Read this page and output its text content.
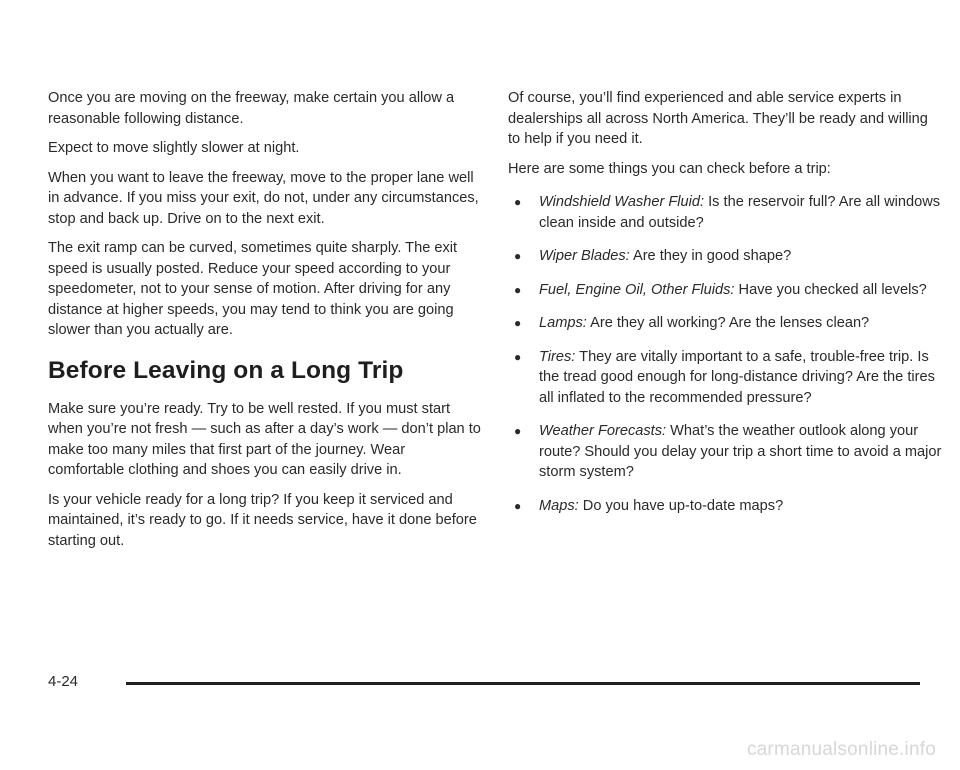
Once you are moving on the freeway, make certain you allow a reasonable following distance.

Expect to move slightly slower at night.

When you want to leave the freeway, move to the proper lane well in advance. If you miss your exit, do not, under any circumstances, stop and back up. Drive on to the next exit.

The exit ramp can be curved, sometimes quite sharply. The exit speed is usually posted. Reduce your speed according to your speedometer, not to your sense of motion. After driving for any distance at higher speeds, you may tend to think you are going slower than you actually are.

Before Leaving on a Long Trip

Make sure you’re ready. Try to be well rested. If you must start when you’re not fresh — such as after a day’s work — don’t plan to make too many miles that first part of the journey. Wear comfortable clothing and shoes you can easily drive in.

Is your vehicle ready for a long trip? If you keep it serviced and maintained, it’s ready to go. If it needs service, have it done before starting out.

Of course, you’ll find experienced and able service experts in dealerships all across North America. They’ll be ready and willing to help if you need it.

Here are some things you can check before a trip:

● Windshield Washer Fluid: Is the reservoir full? Are all windows clean inside and outside?
● Wiper Blades: Are they in good shape?
● Fuel, Engine Oil, Other Fluids: Have you checked all levels?
● Lamps: Are they all working? Are the lenses clean?
● Tires: They are vitally important to a safe, trouble-free trip. Is the tread good enough for long-distance driving? Are the tires all inflated to the recommended pressure?
● Weather Forecasts: What’s the weather outlook along your route? Should you delay your trip a short time to avoid a major storm system?
● Maps: Do you have up-to-date maps?
4-24
carmanualsonline.info
